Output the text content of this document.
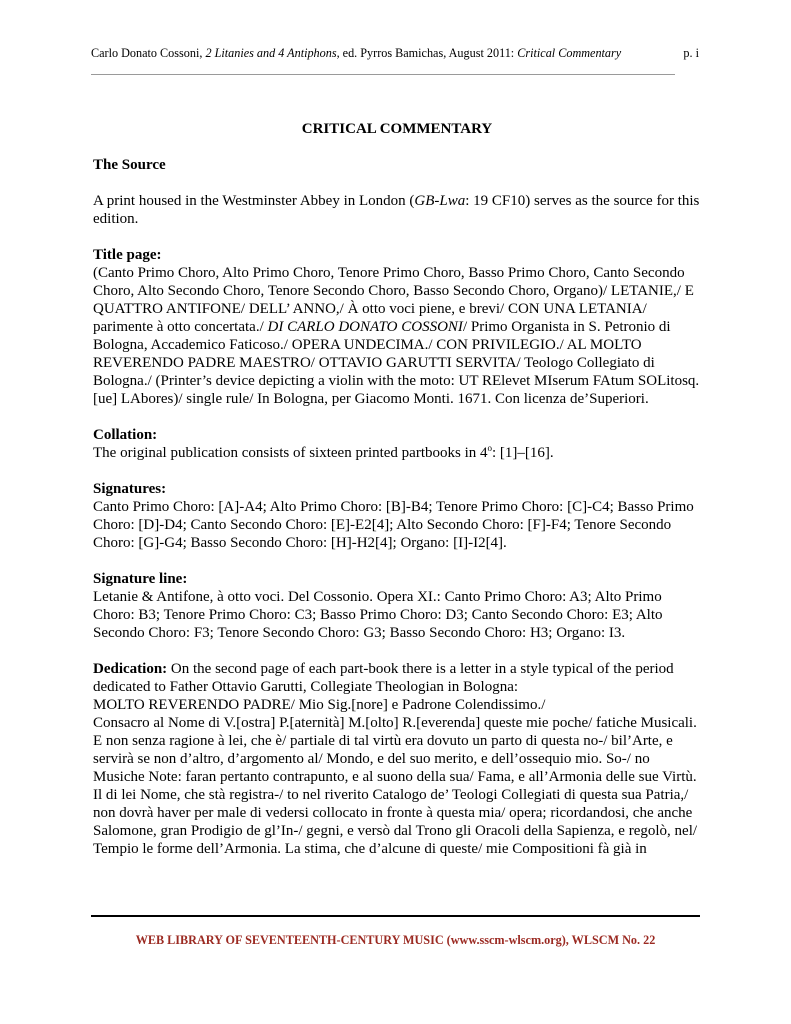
Carlo Donato Cossoni, 2 Litanies and 4 Antiphons, ed. Pyrros Bamichas, August 2011: Critical Commentary	p. i

CRITICAL COMMENTARY

The Source

A print housed in the Westminster Abbey in London (GB-Lwa: 19 CF10) serves as the source for this edition.

Title page:

(Canto Primo Choro, Alto Primo Choro, Tenore Primo Choro, Basso Primo Choro, Canto Secondo Choro, Alto Secondo Choro, Tenore Secondo Choro, Basso Secondo Choro, Organo)/ LETANIE,/ E QUATTRO ANTIFONE/ DELL’ ANNO,/ À otto voci piene, e brevi/ CON UNA LETANIA/ parimente à otto concertata./ DI CARLO DONATO COSSONI/ Primo Organista in S. Petronio di Bologna, Accademico Faticoso./ OPERA UNDECIMA./ CON PRIVILEGIO./ AL MOLTO REVERENDO PADRE MAESTRO/ OTTAVIO GARUTTI SERVITA/ Teologo Collegiato di Bologna./ (Printer’s device depicting a violin with the moto: UT RElevet MIserum FAtum SOLitosq.[ue] LAbores)/ single rule/ In Bologna, per Giacomo Monti. 1671. Con licenza de’Superiori.

Collation:

The original publication consists of sixteen printed partbooks in 4$^o$: [1]–[16].

Signatures:

Canto Primo Choro: [A]-A4; Alto Primo Choro: [B]-B4; Tenore Primo Choro: [C]-C4; Basso Primo Choro: [D]-D4; Canto Secondo Choro: [E]-E2[4]; Alto Secondo Choro: [F]-F4; Tenore Secondo Choro: [G]-G4; Basso Secondo Choro: [H]-H2[4]; Organo: [I]-I2[4].

Signature line:

Letanie & Antifone, à otto voci. Del Cossonio. Opera XI.: Canto Primo Choro: A3; Alto Primo Choro: B3; Tenore Primo Choro: C3; Basso Primo Choro: D3; Canto Secondo Choro: E3; Alto Secondo Choro: F3; Tenore Secondo Choro: G3; Basso Secondo Choro: H3; Organo: I3.

Dedication: On the second page of each part-book there is a letter in a style typical of the period dedicated to Father Ottavio Garutti, Collegiate Theologian in Bologna:

MOLTO REVERENDO PADRE/ Mio Sig.[nore] e Padrone Colendissimo./

Consacro al Nome di V.[ostra] P.[aternità] M.[olto] R.[everenda] queste mie poche/ fatiche Musicali. E non senza ragione à lei, che è/ partiale di tal virtù era dovuto un parto di questa no-/ bil’Arte, e servirà se non d’altro, d’argomento al/ Mondo, e del suo merito, e dell’ossequio mio. So-/ no Musiche Note: faran pertanto contrapunto, e al suono della sua/ Fama, e all’Armonia delle sue Virtù. Il di lei Nome, che stà registra-/ to nel riverito Catalogo de’ Teologi Collegiati di questa sua Patria,/ non dovrà haver per male di vedersi collocato in fronte à questa mia/ opera; ricordandosi, che anche Salomone, gran Prodigio de gl’In-/ gegni, e versò dal Trono gli Oracoli della Sapienza, e regolò, nel/ Tempio le forme dell’Armonia. La stima, che d’alcune di queste/ mie Compositioni fà già in

WEB LIBRARY OF SEVENTEENTH-CENTURY MUSIC (www.sscm-wlscm.org), WLSCM No. 22
